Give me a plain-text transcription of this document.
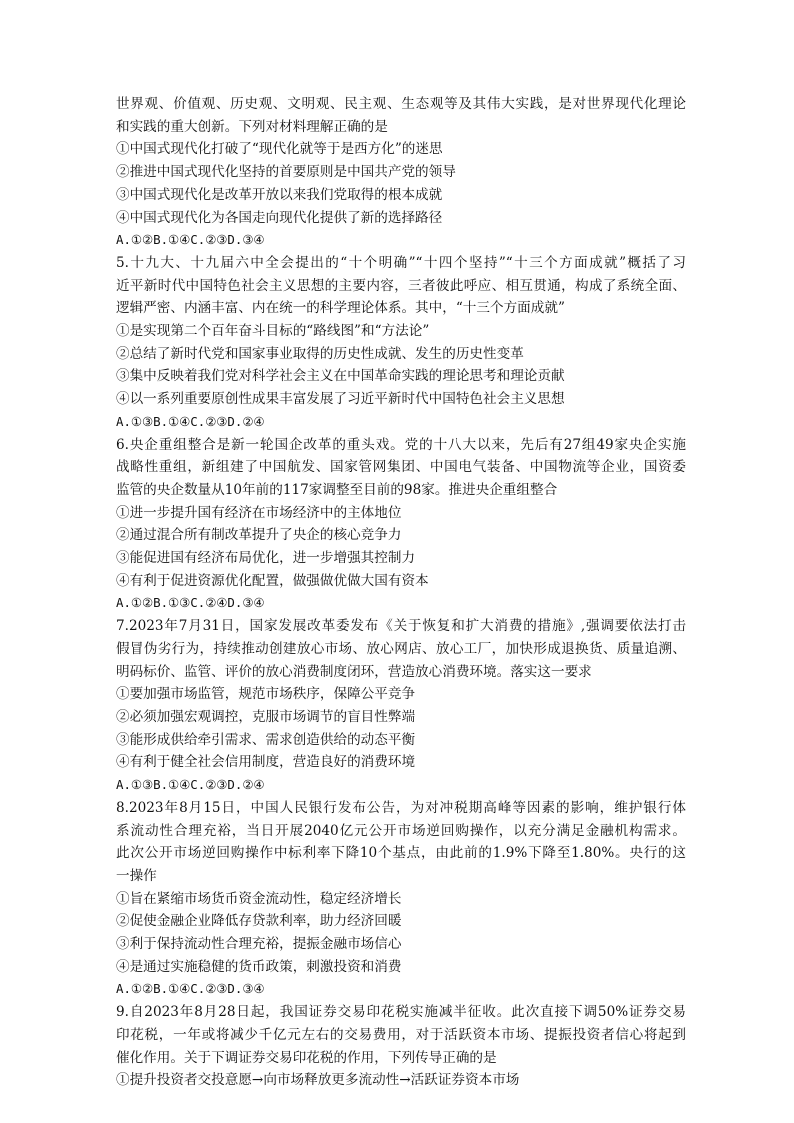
世界观、价值观、历史观、文明观、民主观、生态观等及其伟大实践，是对世界现代化理论
和实践的重大创新。下列对材料理解正确的是
①中国式现代化打破了“现代化就等于是西方化”的迷思
②推进中国式现代化坚持的首要原则是中国共产党的领导
③中国式现代化是改革开放以来我们党取得的根本成就
④中国式现代化为各国走向现代化提供了新的选择路径
A.①②B.①④C.②③D.③④
5.十九大、十九届六中全会提出的“十个明确”“十四个坚持”“十三个方面成就”概括了习
近平新时代中国特色社会主义思想的主要内容，三者彼此呼应、相互贯通，构成了系统全面、
逻辑严密、内涵丰富、内在统一的科学理论体系。其中，“十三个方面成就”
①是实现第二个百年奋斗目标的“路线图”和“方法论”
②总结了新时代党和国家事业取得的历史性成就、发生的历史性变革
③集中反映着我们党对科学社会主义在中国革命实践的理论思考和理论贡献
④以一系列重要原创性成果丰富发展了习近平新时代中国特色社会主义思想
A.①③B.①④C.②③D.②④
6.央企重组整合是新一轮国企改革的重头戏。党的十八大以来，先后有27组49家央企实施
战略性重组，新组建了中国航发、国家管网集团、中国电气装备、中国物流等企业，国资委
监管的央企数量从10年前的117家调整至目前的98家。推进央企重组整合
①进一步提升国有经济在市场经济中的主体地位
②通过混合所有制改革提升了央企的核心竞争力
③能促进国有经济布局优化，进一步增强其控制力
④有利于促进资源优化配置，做强做优做大国有资本
A.①②B.①③C.②④D.③④
7.2023年7月31日，国家发展改革委发布《关于恢复和扩大消费的措施》,强调要依法打击
假冒伪劣行为，持续推动创建放心市场、放心网店、放心工厂，加快形成退换货、质量追溯、
明码标价、监管、评价的放心消费制度闭环，营造放心消费环境。落实这一要求
①要加强市场监管，规范市场秩序，保障公平竞争
②必须加强宏观调控，克服市场调节的盲目性弊端
③能形成供给牵引需求、需求创造供给的动态平衡
④有利于健全社会信用制度，营造良好的消费环境
A.①③B.①④C.②③D.②④
8.2023年8月15日，中国人民银行发布公告，为对冲税期高峰等因素的影响，维护银行体
系流动性合理充裕，当日开展2040亿元公开市场逆回购操作，以充分满足金融机构需求。
此次公开市场逆回购操作中标利率下降10个基点，由此前的1.9%下降至1.80%。央行的这
一操作
①旨在紧缩市场货币资金流动性，稳定经济增长
②促使金融企业降低存贷款利率，助力经济回暖
③利于保持流动性合理充裕，提振金融市场信心
④是通过实施稳健的货币政策，刺激投资和消费
A.①②B.①④C.②③D.③④
9.自2023年8月28日起，我国证券交易印花税实施减半征收。此次直接下调50%证券交易
印花税，一年或将减少千亿元左右的交易费用，对于活跃资本市场、提振投资者信心将起到
催化作用。关于下调证券交易印花税的作用，下列传导正确的是
①提升投资者交投意愿→向市场释放更多流动性→活跃证券资本市场
